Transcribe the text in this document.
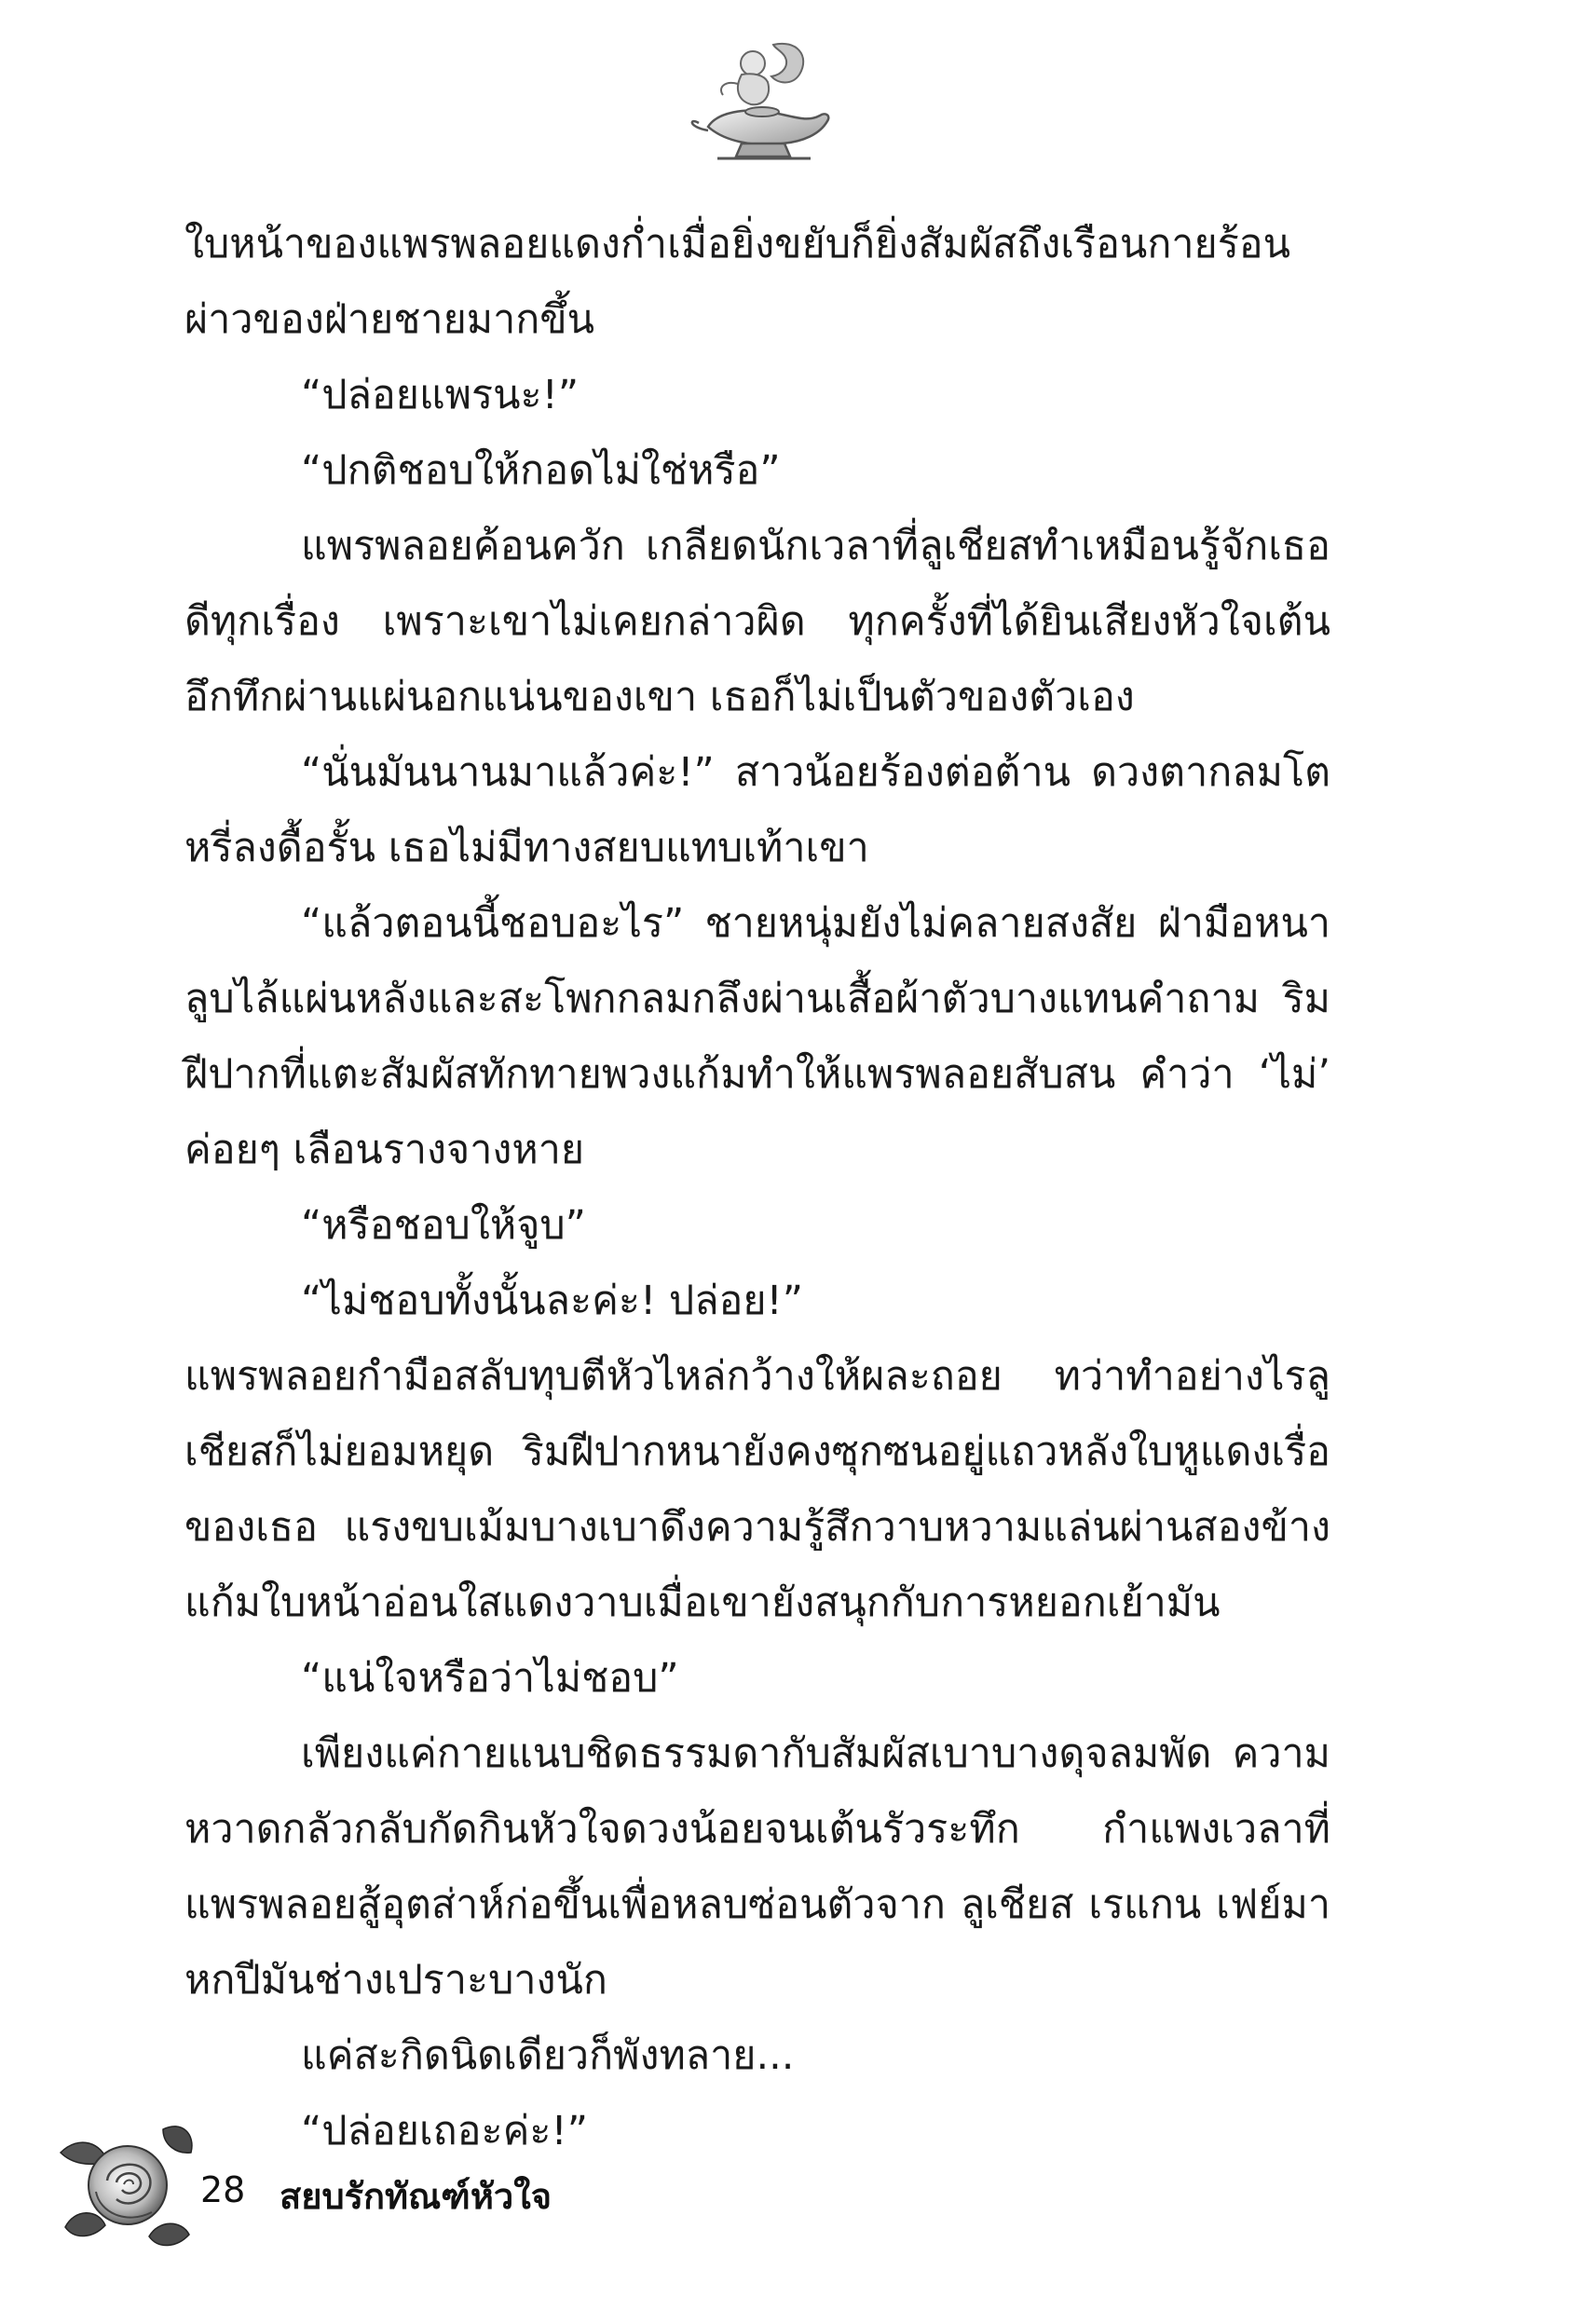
ใบหน้าของแพรพลอยแดงก่ำเมื่อยิ่งขยับก็ยิ่งสัมผัสถึงเรือนกายร้อนผ่าวของฝ่ายชายมากขึ้น

“ปล่อยแพรนะ!”

“ปกติชอบให้กอดไม่ใช่หรือ”

แพรพลอยค้อนควัก เกลียดนักเวลาที่ลูเชียสทำเหมือนรู้จักเธอดีทุกเรื่อง เพราะเขาไม่เคยกล่าวผิด ทุกครั้งที่ได้ยินเสียงหัวใจเต้นอึกทึกผ่านแผ่นอกแน่นของเขา เธอก็ไม่เป็นตัวของตัวเอง

“นั่นมันนานมาแล้วค่ะ!” สาวน้อยร้องต่อต้าน ดวงตากลมโตหรี่ลงดื้อรั้น เธอไม่มีทางสยบแทบเท้าเขา

“แล้วตอนนี้ชอบอะไร” ชายหนุ่มยังไม่คลายสงสัย ฝ่ามือหนาลูบไล้แผ่นหลังและสะโพกกลมกลึงผ่านเสื้อผ้าตัวบางแทนคำถาม ริมฝีปากที่แตะสัมผัสทักทายพวงแก้มทำให้แพรพลอยสับสน คำว่า ‘ไม่’ ค่อยๆ เลือนรางจางหาย

“หรือชอบให้จูบ”

“ไม่ชอบทั้งนั้นละค่ะ! ปล่อย!”

แพรพลอยกำมือสลับทุบตีหัวไหล่กว้างให้ผละถอย ทว่าทำอย่างไรลูเชียสก็ไม่ยอมหยุด ริมฝีปากหนายังคงซุกซนอยู่แถวหลังใบหูแดงเรื่อของเธอ แรงขบเม้มบางเบาดึงความรู้สึกวาบหวามแล่นผ่านสองข้างแก้มใบหน้าอ่อนใสแดงวาบเมื่อเขายังสนุกกับการหยอกเย้ามัน

“แน่ใจหรือว่าไม่ชอบ”

เพียงแค่กายแนบชิดธรรมดากับสัมผัสเบาบางดุจลมพัด ความหวาดกลัวกลับกัดกินหัวใจดวงน้อยจนเต้นรัวระทึก กำแพงเวลาที่แพรพลอยสู้อุตส่าห์ก่อขึ้นเพื่อหลบซ่อนตัวจาก ลูเชียส เรแกน เฟย์มาหกปีมันช่างเปราะบางนัก

แค่สะกิดนิดเดียวก็พังทลาย...

“ปล่อยเถอะค่ะ!”

28 สยบรักทัณฑ์หัวใจ
